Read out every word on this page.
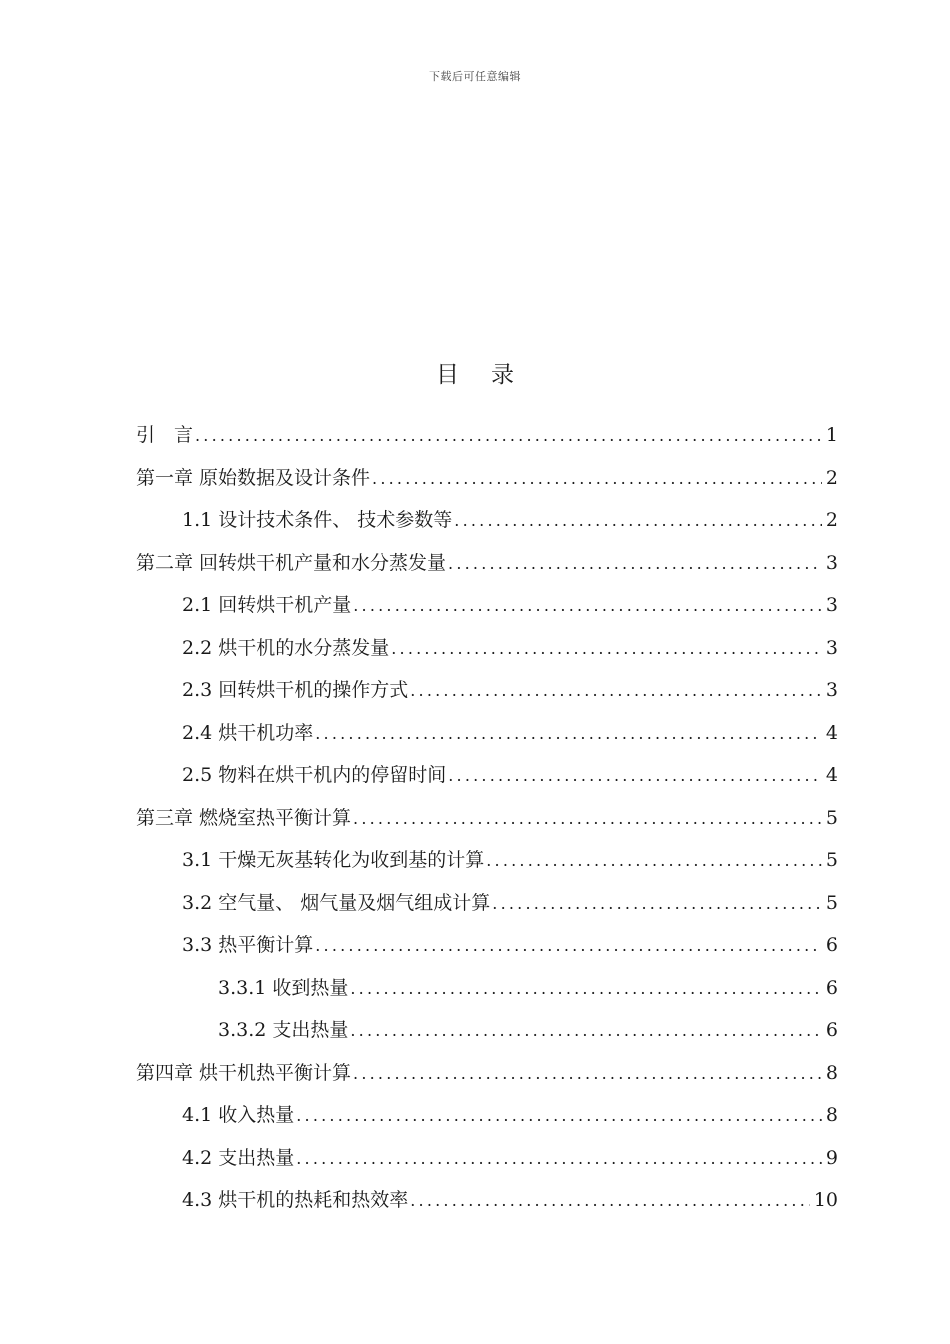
下载后可任意编辑
目 录
引　言 .....	1
第一章 原始数据及设计条件 .....	2
1.1 设计技术条件、 技术参数等 .....	2
第二章 回转烘干机产量和水分蒸发量 .....	3
2.1 回转烘干机产量 .....	3
2.2 烘干机的水分蒸发量 .....	3
2.3 回转烘干机的操作方式 .....	3
2.4 烘干机功率 .....	4
2.5 物料在烘干机内的停留时间 .....	4
第三章 燃烧室热平衡计算 .....	5
3.1 干燥无灰基转化为收到基的计算 .....	5
3.2 空气量、 烟气量及烟气组成计算 .....	5
3.3 热平衡计算 .....	6
3.3.1 收到热量 .....	6
3.3.2 支出热量 .....	6
第四章 烘干机热平衡计算 .....	8
4.1 收入热量 .....	8
4.2 支出热量 .....	9
4.3 烘干机的热耗和热效率 .....	10
